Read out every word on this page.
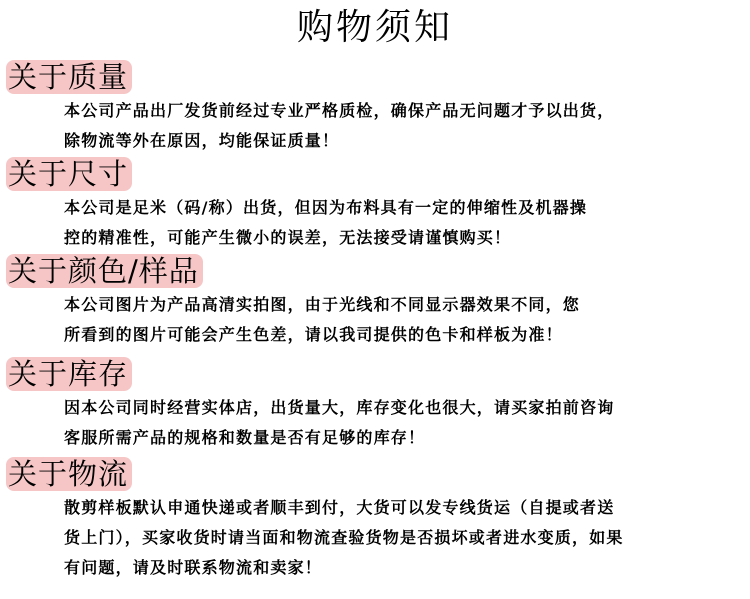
购物须知
关于质量

本公司产品出厂发货前经过专业严格质检，确保产品无问题才予以出货，

除物流等外在原因，均能保证质量！

关于尺寸

本公司是足米（码/称）出货，但因为布料具有一定的伸缩性及机器操

控的精准性，可能产生微小的误差，无法接受请谨慎购买！

关于颜色/样品

本公司图片为产品高清实拍图，由于光线和不同显示器效果不同，您

所看到的图片可能会产生色差，请以我司提供的色卡和样板为准！

关于库存

因本公司同时经营实体店，出货量大，库存变化也很大，请买家拍前咨询

客服所需产品的规格和数量是否有足够的库存！

关于物流

散剪样板默认申通快递或者顺丰到付，大货可以发专线货运（自提或者送

货上门），买家收货时请当面和物流查验货物是否损坏或者进水变质，如果

有问题，请及时联系物流和卖家！
